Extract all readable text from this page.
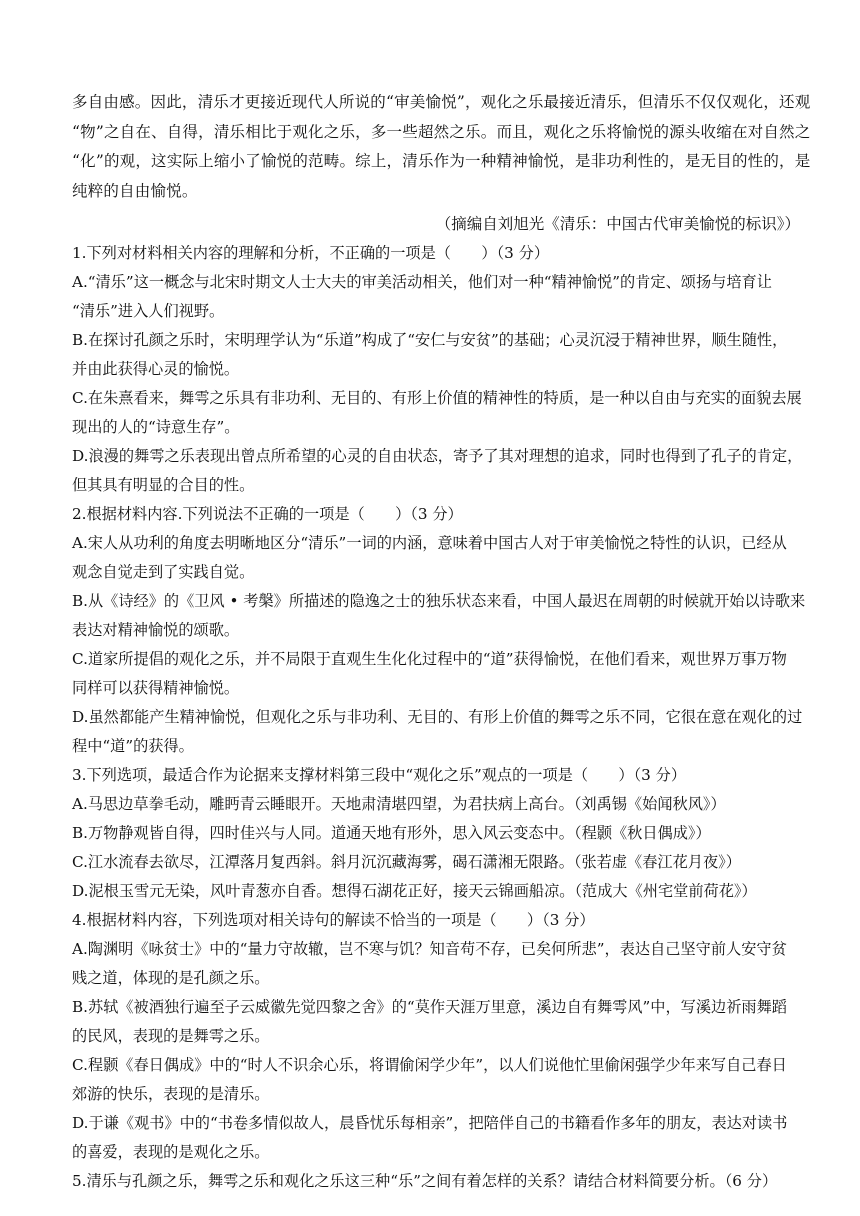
多自由感。因此，清乐才更接近现代人所说的“审美愉悦”，观化之乐最接近清乐，但清乐不仅仅观化，还观
“物”之自在、自得，清乐相比于观化之乐，多一些超然之乐。而且，观化之乐将愉悦的源头收缩在对自然之
“化”的观，这实际上缩小了愉悦的范畴。综上，清乐作为一种精神愉悦，是非功利性的，是无目的性的，是
纯粹的自由愉悦。
（摘编自刘旭光《清乐：中国古代审美愉悦的标识》）
1.下列对材料相关内容的理解和分析，不正确的一项是（　　）（3 分）
A.“清乐”这一概念与北宋时期文人士大夫的审美活动相关，他们对一种“精神愉悦”的肯定、颂扬与培育让
“清乐”进入人们视野。
B.在探讨孔颜之乐时，宋明理学认为“乐道”构成了“安仁与安贫”的基础；心灵沉浸于精神世界，顺生随性，
并由此获得心灵的愉悦。
C.在朱熹看来，舞雩之乐具有非功利、无目的、有形上价值的精神性的特质，是一种以自由与充实的面貌去展
现出的人的“诗意生存”。
D.浪漫的舞雩之乐表现出曾点所希望的心灵的自由状态，寄予了其对理想的追求，同时也得到了孔子的肯定，
但其具有明显的合目的性。
2.根据材料内容.下列说法不正确的一项是（　　）（3 分）
A.宋人从功利的角度去明晰地区分“清乐”一词的内涵，意味着中国古人对于审美愉悦之特性的认识，已经从
观念自觉走到了实践自觉。
B.从《诗经》的《卫风 • 考槃》所描述的隐逸之士的独乐状态来看，中国人最迟在周朝的时候就开始以诗歌来
表达对精神愉悦的颂歌。
C.道家所提倡的观化之乐，并不局限于直观生生化化过程中的“道”获得愉悦，在他们看来，观世界万事万物
同样可以获得精神愉悦。
D.虽然都能产生精神愉悦，但观化之乐与非功利、无目的、有形上价值的舞雩之乐不同，它很在意在观化的过
程中“道”的获得。
3.下列选项，最适合作为论据来支撑材料第三段中“观化之乐”观点的一项是（　　）（3 分）
A.马思边草拳毛动，雕眄青云睡眼开。天地肃清堪四望，为君扶病上高台。（刘禹锡《始闻秋风》）
B.万物静观皆自得，四时佳兴与人同。道通天地有形外，思入风云变态中。（程颢《秋日偶成》）
C.江水流春去欲尽，江潭落月复西斜。斜月沉沉藏海雾，碣石潇湘无限路。（张若虚《春江花月夜》）
D.泥根玉雪元无染，风叶青葱亦自香。想得石湖花正好，接天云锦画船凉。（范成大《州宅堂前荷花》）
4.根据材料内容，下列选项对相关诗句的解读不恰当的一项是（　　）（3 分）
A.陶渊明《咏贫士》中的“量力守故辙，岂不寒与饥？知音苟不存，已矣何所悲”，表达自己坚守前人安守贫
贱之道，体现的是孔颜之乐。
B.苏轼《被酒独行遍至子云威徽先觉四黎之舍》的“莫作天涯万里意，溪边自有舞雩风”中，写溪边祈雨舞蹈
的民风，表现的是舞雩之乐。
C.程颢《春日偶成》中的“时人不识余心乐，将谓偷闲学少年”，以人们说他忙里偷闲强学少年来写自己春日
郊游的快乐，表现的是清乐。
D.于谦《观书》中的“书卷多情似故人，晨昏忧乐每相亲”，把陪伴自己的书籍看作多年的朋友，表达对读书
的喜爱，表现的是观化之乐。
5.清乐与孔颜之乐，舞雩之乐和观化之乐这三种“乐”之间有着怎样的关系？请结合材料简要分析。（6 分）
